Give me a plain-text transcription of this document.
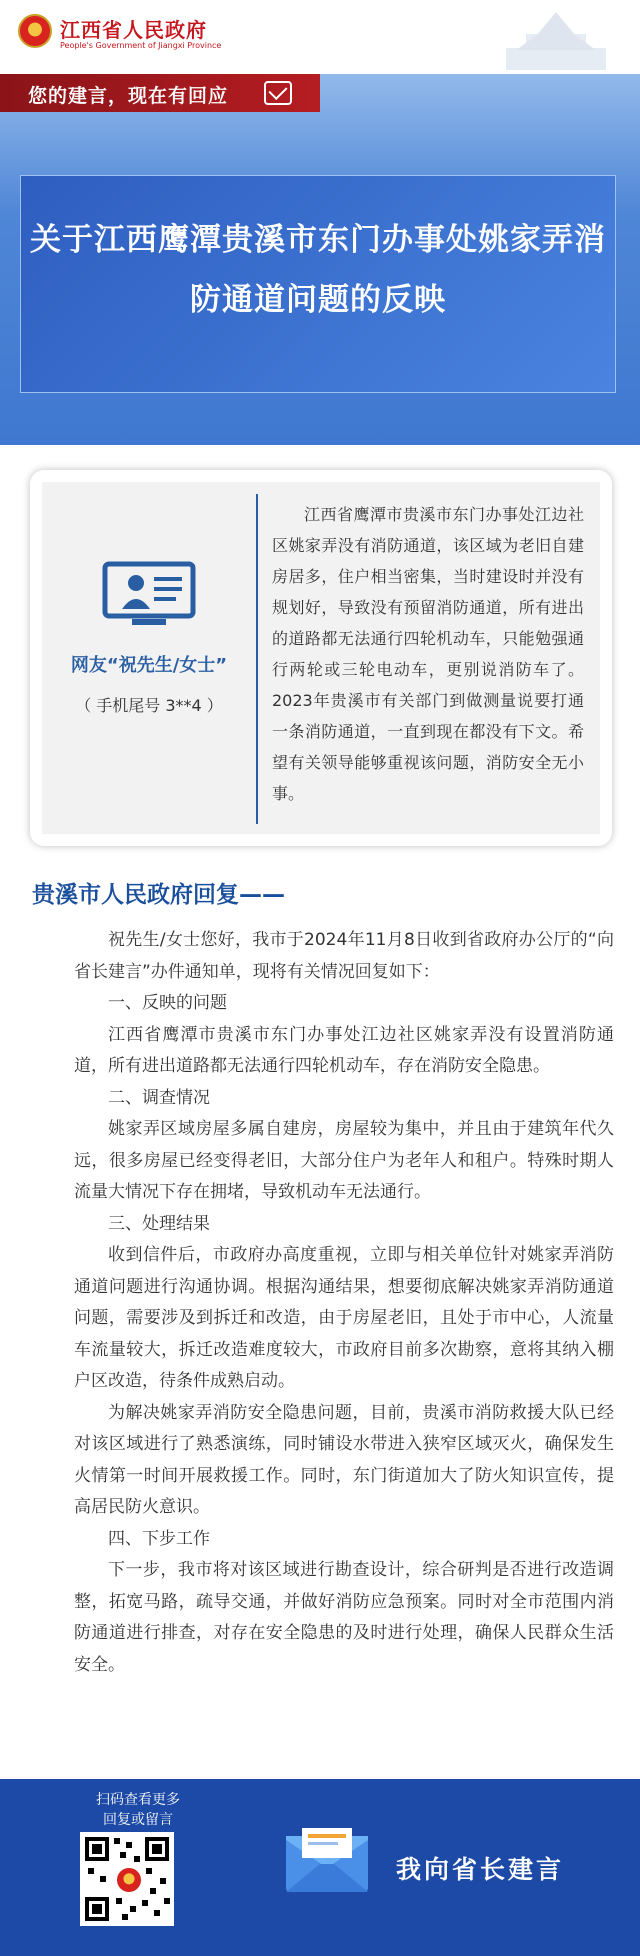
江西省人民政府
People's Government of Jiangxi Province
您的建言，现在有回应
关于江西鹰潭贵溪市东门办事处姚家弄消防通道问题的反映
网友“祝先生/女士”
（ 手机尾号 3**4 ）
江西省鹰潭市贵溪市东门办事处江边社区姚家弄没有消防通道，该区域为老旧自建房居多，住户相当密集，当时建设时并没有规划好，导致没有预留消防通道，所有进出的道路都无法通行四轮机动车，只能勉强通行两轮或三轮电动车，更别说消防车了。2023年贵溪市有关部门到做测量说要打通一条消防通道，一直到现在都没有下文。希望有关领导能够重视该问题，消防安全无小事。
贵溪市人民政府回复——

祝先生/女士您好，我市于2024年11月8日收到省政府办公厅的“向省长建言”办件通知单，现将有关情况回复如下：

一、反映的问题

江西省鹰潭市贵溪市东门办事处江边社区姚家弄没有设置消防通道，所有进出道路都无法通行四轮机动车，存在消防安全隐患。

二、调查情况

姚家弄区域房屋多属自建房，房屋较为集中，并且由于建筑年代久远，很多房屋已经变得老旧，大部分住户为老年人和租户。特殊时期人流量大情况下存在拥堵，导致机动车无法通行。

三、处理结果

收到信件后，市政府办高度重视，立即与相关单位针对姚家弄消防通道问题进行沟通协调。根据沟通结果，想要彻底解决姚家弄消防通道问题，需要涉及到拆迁和改造，由于房屋老旧，且处于市中心，人流量车流量较大，拆迁改造难度较大，市政府目前多次勘察，意将其纳入棚户区改造，待条件成熟启动。

为解决姚家弄消防安全隐患问题，目前，贵溪市消防救援大队已经对该区域进行了熟悉演练，同时铺设水带进入狭窄区域灭火，确保发生火情第一时间开展救援工作。同时，东门街道加大了防火知识宣传，提高居民防火意识。

四、下步工作

下一步，我市将对该区域进行勘查设计，综合研判是否进行改造调整，拓宽马路，疏导交通，并做好消防应急预案。同时对全市范围内消防通道进行排查，对存在安全隐患的及时进行处理，确保人民群众生活安全。

扫码查看更多
回复或留言
我向省长建言
